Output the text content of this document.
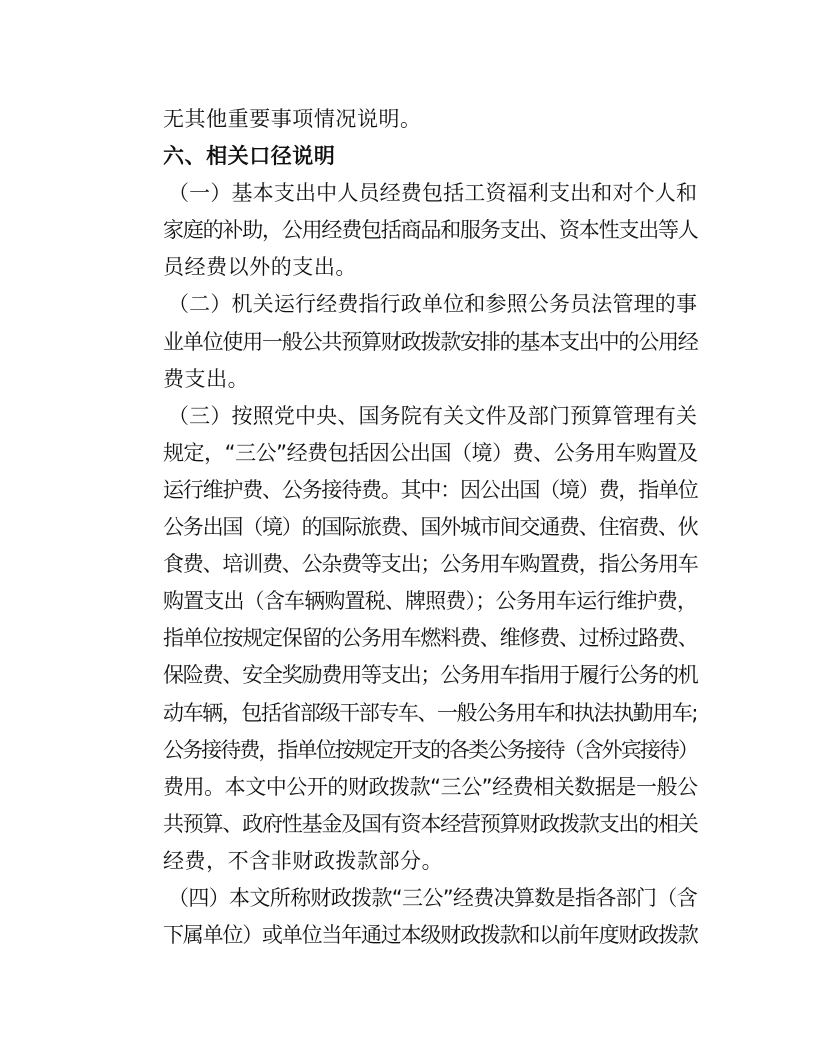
无其他重要事项情况说明。
六、相关口径说明
（一）基本支出中人员经费包括工资福利支出和对个人和
家庭的补助，公用经费包括商品和服务支出、资本性支出等人
员经费以外的支出。
（二）机关运行经费指行政单位和参照公务员法管理的事
业单位使用一般公共预算财政拨款安排的基本支出中的公用经
费支出。
（三）按照党中央、国务院有关文件及部门预算管理有关
规定，“三公”经费包括因公出国（境）费、公务用车购置及
运行维护费、公务接待费。其中：因公出国（境）费，指单位
公务出国（境）的国际旅费、国外城市间交通费、住宿费、伙
食费、培训费、公杂费等支出；公务用车购置费，指公务用车
购置支出（含车辆购置税、牌照费）；公务用车运行维护费，
指单位按规定保留的公务用车燃料费、维修费、过桥过路费、
保险费、安全奖励费用等支出；公务用车指用于履行公务的机
动车辆，包括省部级干部专车、一般公务用车和执法执勤用车;
公务接待费，指单位按规定开支的各类公务接待（含外宾接待）
费用。本文中公开的财政拨款“三公”经费相关数据是一般公
共预算、政府性基金及国有资本经营预算财政拨款支出的相关
经费，不含非财政拨款部分。
（四）本文所称财政拨款“三公”经费决算数是指各部门（含
下属单位）或单位当年通过本级财政拨款和以前年度财政拨款
